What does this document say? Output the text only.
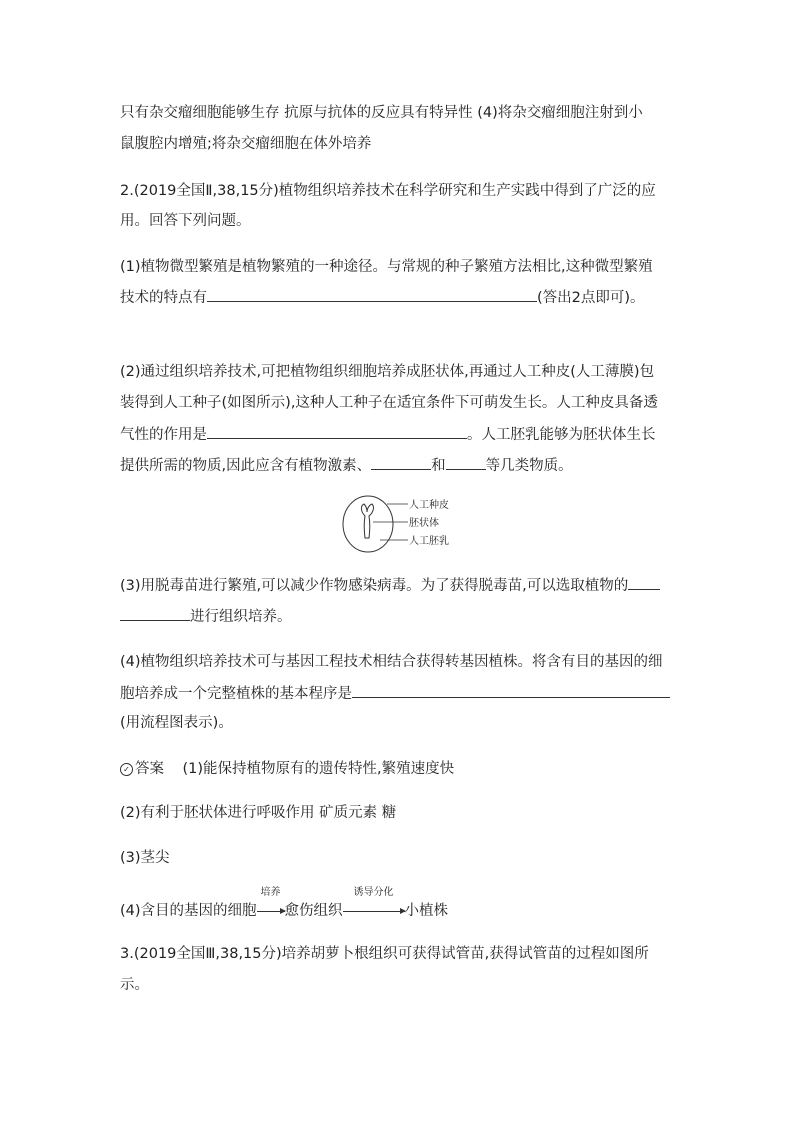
只有杂交瘤细胞能够生存 抗原与抗体的反应具有特异性 (4)将杂交瘤细胞注射到小
鼠腹腔内增殖;将杂交瘤细胞在体外培养
2.(2019全国Ⅱ,38,15分)植物组织培养技术在科学研究和生产实践中得到了广泛的应
用。回答下列问题。
(1)植物微型繁殖是植物繁殖的一种途径。与常规的种子繁殖方法相比,这种微型繁殖
技术的特点有	(答出2点即可)。
(2)通过组织培养技术,可把植物组织细胞培养成胚状体,再通过人工种皮(人工薄膜)包
装得到人工种子(如图所示),这种人工种子在适宜条件下可萌发生长。人工种皮具备透
气性的作用是	。人工胚乳能够为胚状体生长
提供所需的物质,因此应含有植物激素、	和	等几类物质。
人工种皮
胚状体
人工胚乳
(3)用脱毒苗进行繁殖,可以减少作物感染病毒。为了获得脱毒苗,可以选取植物的
进行组织培养。
(4)植物组织培养技术可与基因工程技术相结合获得转基因植株。将含有目的基因的细
胞培养成一个完整植株的基本程序是
(用流程图表示)。
✓ 答案 (1)能保持植物原有的遗传特性,繁殖速度快
(2)有利于胚状体进行呼吸作用 矿质元素 糖
(3)茎尖
(4)含目的基因的细胞
培养
愈伤组织
诱导分化
小植株
3.(2019全国Ⅲ,38,15分)培养胡萝卜根组织可获得试管苗,获得试管苗的过程如图所
示。
